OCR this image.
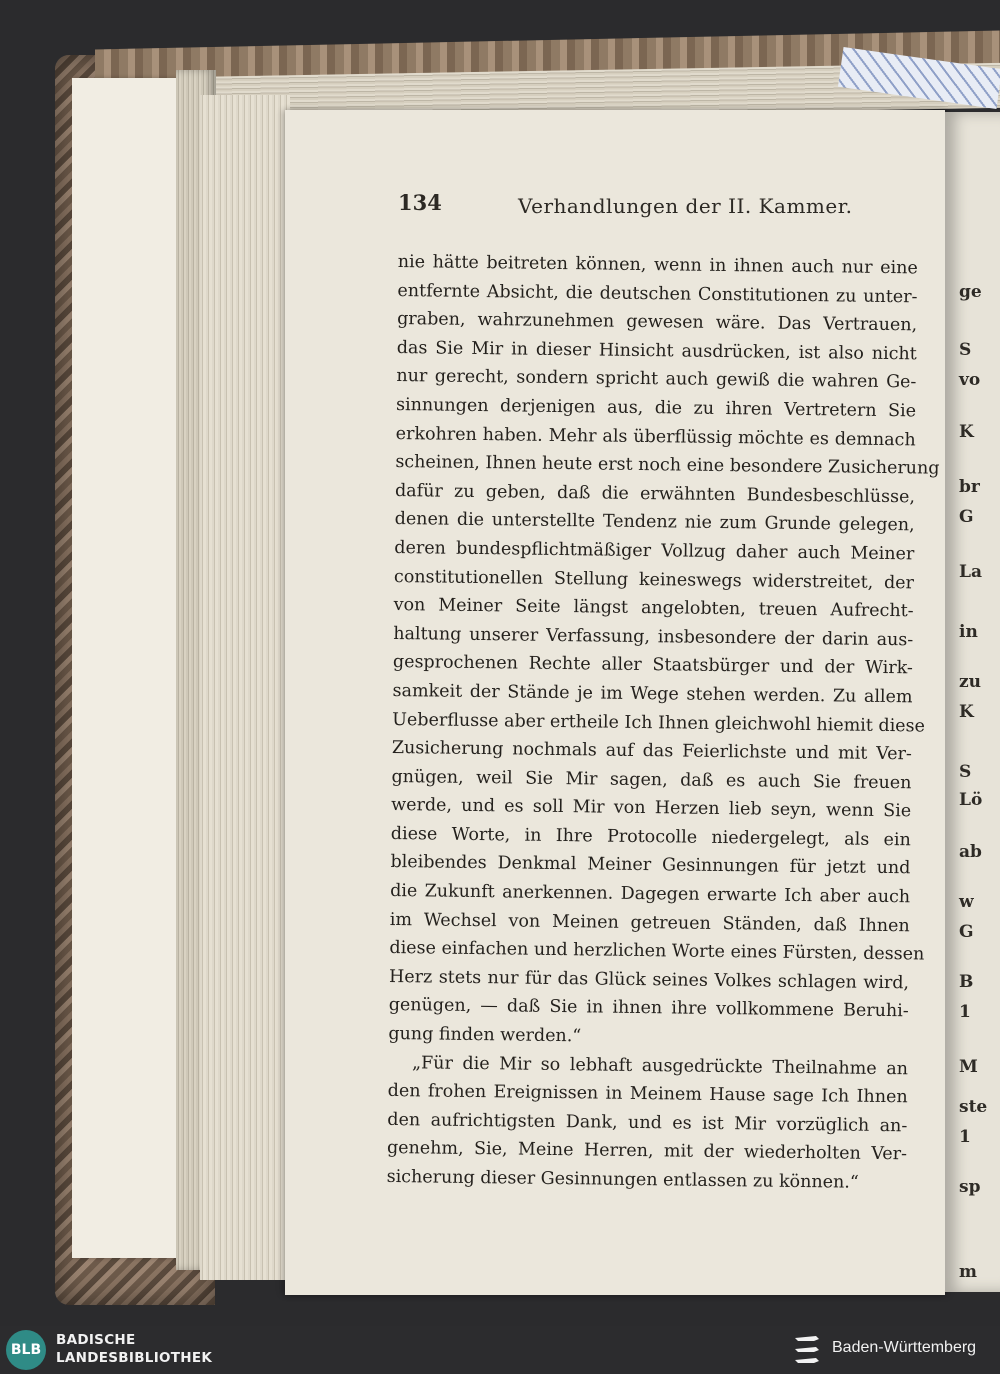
ge
S
vo
K
br
G
La
in
zu
K
S
Lö
ab
w
G
B
1
M
ste
1
sp
m
134	Verhandlungen der II. Kammer.
nie hätte beitreten können, wenn in ihnen auch nur eine
entfernte Absicht, die deutschen Constitutionen zu unter-
graben, wahrzunehmen gewesen wäre. Das Vertrauen,
das Sie Mir in dieser Hinsicht ausdrücken, ist also nicht
nur gerecht, sondern spricht auch gewiß die wahren Ge-
sinnungen derjenigen aus, die zu ihren Vertretern Sie
erkohren haben. Mehr als überflüssig möchte es demnach
scheinen, Ihnen heute erst noch eine besondere Zusicherung
dafür zu geben, daß die erwähnten Bundesbeschlüsse,
denen die unterstellte Tendenz nie zum Grunde gelegen,
deren bundespflichtmäßiger Vollzug daher auch Meiner
constitutionellen Stellung keineswegs widerstreitet, der
von Meiner Seite längst angelobten, treuen Aufrecht-
haltung unserer Verfassung, insbesondere der darin aus-
gesprochenen Rechte aller Staatsbürger und der Wirk-
samkeit der Stände je im Wege stehen werden. Zu allem
Ueberflusse aber ertheile Ich Ihnen gleichwohl hiemit diese
Zusicherung nochmals auf das Feierlichste und mit Ver-
gnügen, weil Sie Mir sagen, daß es auch Sie freuen
werde, und es soll Mir von Herzen lieb seyn, wenn Sie
diese Worte, in Ihre Protocolle niedergelegt, als ein
bleibendes Denkmal Meiner Gesinnungen für jetzt und
die Zukunft anerkennen. Dagegen erwarte Ich aber auch
im Wechsel von Meinen getreuen Ständen, daß Ihnen
diese einfachen und herzlichen Worte eines Fürsten, dessen
Herz stets nur für das Glück seines Volkes schlagen wird,
genügen, — daß Sie in ihnen ihre vollkommene Beruhi-
gung finden werden.“
„Für die Mir so lebhaft ausgedrückte Theilnahme an
den frohen Ereignissen in Meinem Hause sage Ich Ihnen
den aufrichtigsten Dank, und es ist Mir vorzüglich an-
genehm, Sie, Meine Herren, mit der wiederholten Ver-
sicherung dieser Gesinnungen entlassen zu können.“
BLB
BADISCHE
LANDESBIBLIOTHEK
Baden-Württemberg
